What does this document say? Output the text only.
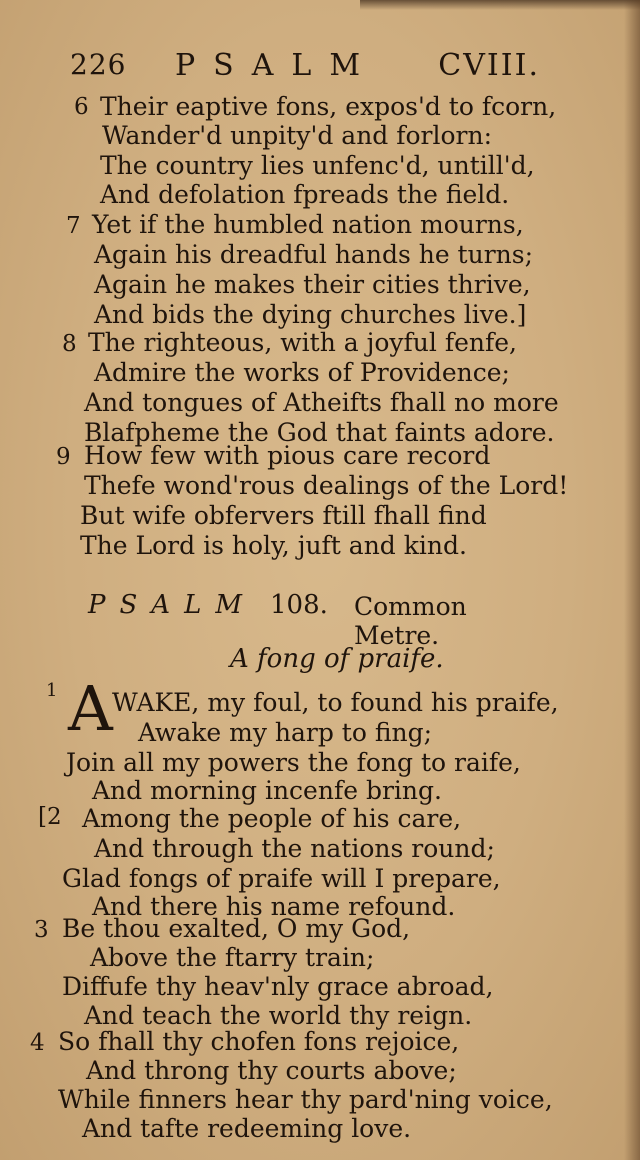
226 PSALM CVIII.
6 Their eaptive fons, expos'd to fcorn,
Wander'd unpity'd and forlorn:
The country lies unfenc'd, untill'd,
And defolation fpreads the field.
7 Yet if the humbled nation mourns,
Again his dreadful hands he turns;
Again he makes their cities thrive,
And bids the dying churches live.]
8 The righteous, with a joyful fenfe,
Admire the works of Providence;
And tongues of Atheifts fhall no more
Blafpheme the God that faints adore.
9 How few with pious care record
Thefe wond'rous dealings of the Lord!
But wife obfervers ftill fhall find
The Lord is holy, juft and kind.
PSALM 108. Common Metre.
A fong of praife.
1 A WAKE, my foul, to found his praife,
Awake my harp to fing;
Join all my powers the fong to raife,
And morning incenfe bring.
[2 Among the people of his care,
And through the nations round;
Glad fongs of praife will I prepare,
And there his name refound.
3 Be thou exalted, O my God,
Above the ftarry train;
Diffufe thy heav'nly grace abroad,
And teach the world thy reign.
4 So fhall thy chofen fons rejoice,
And throng thy courts above;
While finners hear thy pard'ning voice,
And tafte redeeming love.
